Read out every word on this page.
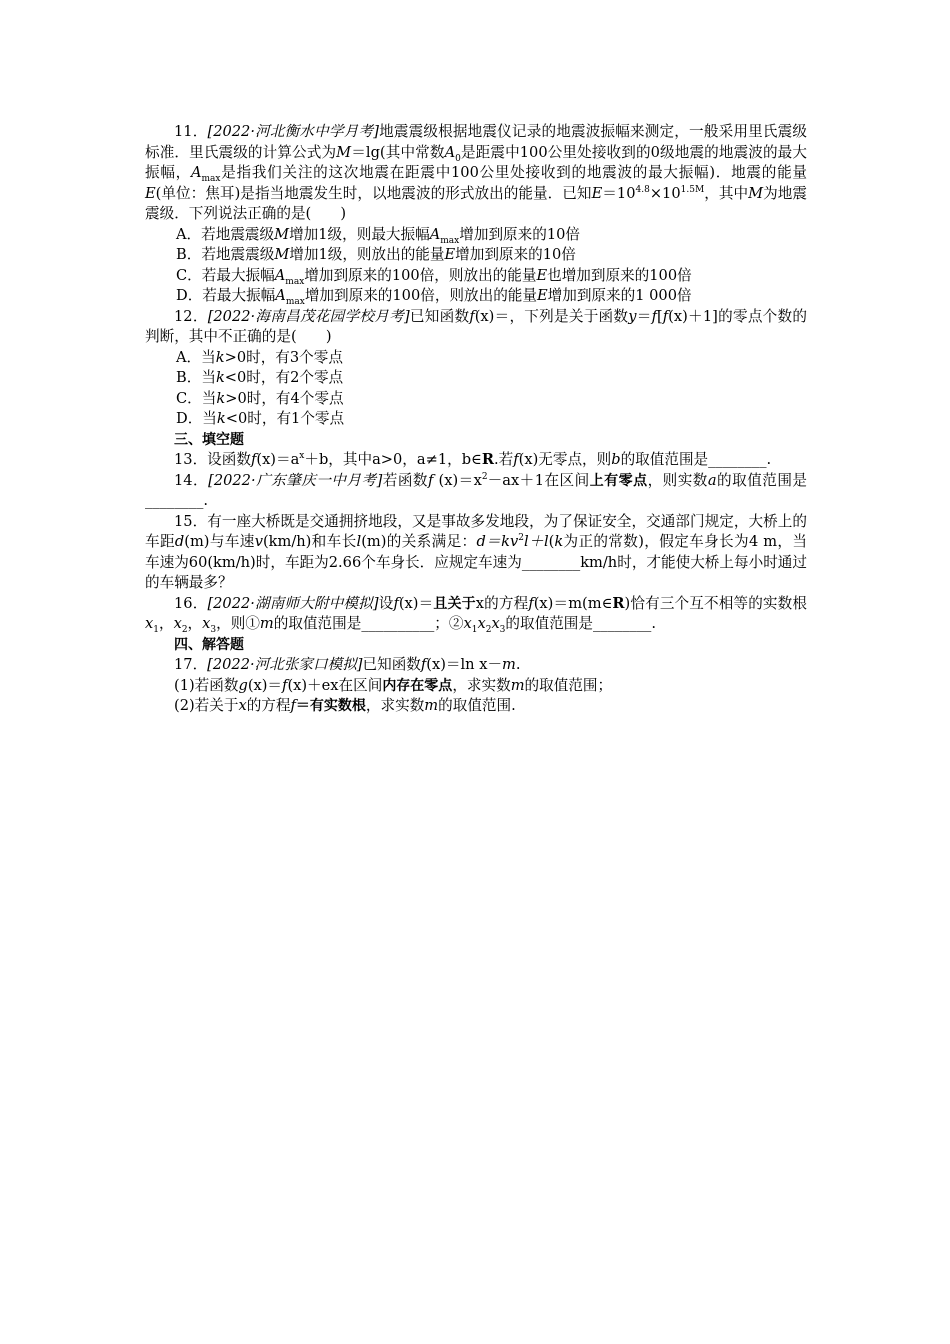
11．[2022·河北衡水中学月考]地震震级根据地震仪记录的地震波振幅来测定，一般采用里氏震级标准．里氏震级的计算公式为M＝lg(其中常数$A_0$是距震中100公里处接收到的0级地震的地震波的最大振幅，$A_{max}$是指我们关注的这次地震在距震中100公里处接收到的地震波的最大振幅)．地震的能量E(单位：焦耳)是指当地震发生时，以地震波的形式放出的能量．已知$E=10^{4.8}\times 10^{1.5M}$，其中M为地震震级．下列说法正确的是(　　)

A．若地震震级M增加1级，则最大振幅$A_{max}$增加到原来的10倍

B．若地震震级M增加1级，则放出的能量E增加到原来的10倍

C．若最大振幅$A_{max}$增加到原来的100倍，则放出的能量E也增加到原来的100倍

D．若最大振幅$A_{max}$增加到原来的100倍，则放出的能量E增加到原来的1 000倍

12．[2022·海南昌茂花园学校月考]已知函数f(x)＝，下列是关于函数y＝f[f(x)＋1]的零点个数的判断，其中不正确的是(　　)

A．当k>0时，有3个零点

B．当k<0时，有2个零点

C．当k>0时，有4个零点

D．当k<0时，有1个零点

三、填空题

13．设函数$f(x)=a^x+b$，其中a>0，a≠1，b∈R.若f(x)无零点，则b的取值范围是________.

14．[2022·广东肇庆一中月考]若函数f $(x)=x^2-ax+1$在区间上有零点，则实数a的取值范围是________.

15．有一座大桥既是交通拥挤地段，又是事故多发地段，为了保证安全，交通部门规定，大桥上的车距d(m)与车速v(km/h)和车长l(m)的关系满足：$d=kv^2l+l(k$为正的常数)，假定车身长为4 m，当车速为60(km/h)时，车距为2.66个车身长．应规定车速为________km/h时，才能使大桥上每小时通过的车辆最多？

16．[2022·湖南师大附中模拟]设f(x)＝且关于x的方程f(x)＝m(m∈R)恰有三个互不相等的实数根$x_1$，$x_2$，$x_3$，则①m的取值范围是__________；$②x_1x_2x_3$的取值范围是________.

四、解答题

17．[2022·河北张家口模拟]已知函数f(x)＝ln x－m.

(1)若函数g(x)＝f(x)＋ex在区间内存在零点，求实数m的取值范围；

(2)若关于x的方程f＝有实数根，求实数m的取值范围.
